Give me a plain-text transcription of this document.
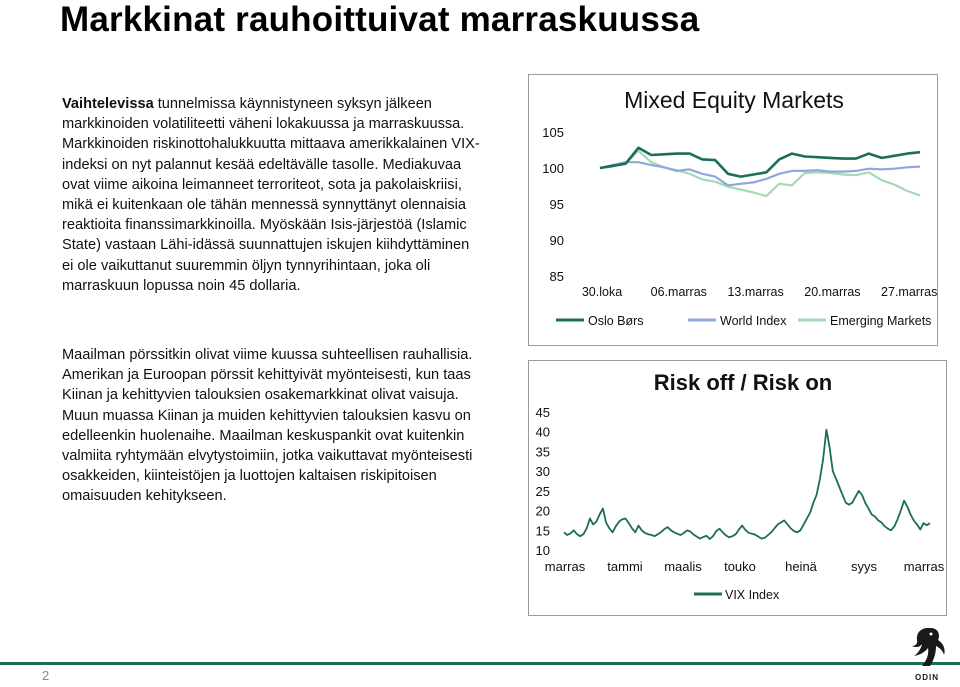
Markkinat rauhoittuivat marraskuussa
Vaihtelevissa tunnelmissa käynnistyneen syksyn jälkeen markkinoiden volatiliteetti väheni lokakuussa ja marraskuussa. Markkinoiden riskinottohalukkuutta mittaava amerikkalainen VIX-indeksi on nyt palannut kesää edeltävälle tasolle. Mediakuvaa ovat viime aikoina leimanneet terroriteot, sota ja pakolaiskriisi, mikä ei kuitenkaan ole tähän mennessä synnyttänyt olennaisia reaktioita finanssimarkkinoilla. Myöskään Isis-järjestöä (Islamic State) vastaan Lähi-idässä suunnattujen iskujen kiihdyttäminen ei ole vaikuttanut suuremmin öljyn tynnyrihintaan, joka oli marraskuun lopussa noin 45 dollaria.
Maailman pörssitkin olivat viime kuussa suhteellisen rauhallisia. Amerikan ja Euroopan pörssit kehittyivät myönteisesti, kun taas Kiinan ja kehittyvien talouksien osakemarkkinat olivat vaisuja. Muun muassa Kiinan ja muiden kehittyvien talouksien kasvu on edelleenkin huolenaihe. Maailman keskuspankit ovat kuitenkin valmiita ryhtymään elvytystoimiin, jotka vaikuttavat myönteisesti osakkeiden, kiinteistöjen ja luottojen kaltaisen riskipitoisen omaisuuden kehitykseen.
Mixed Equity Markets
85
90
95
100
105
30.loka 06.marras 13.marras 20.marras 27.marras
Oslo Børs	World Index	Emerging Markets
Risk off / Risk on
10
15
20
25
30
35
40
45
marras tammi maalis touko heinä	syys marras
VIX Index
2	ODIN
